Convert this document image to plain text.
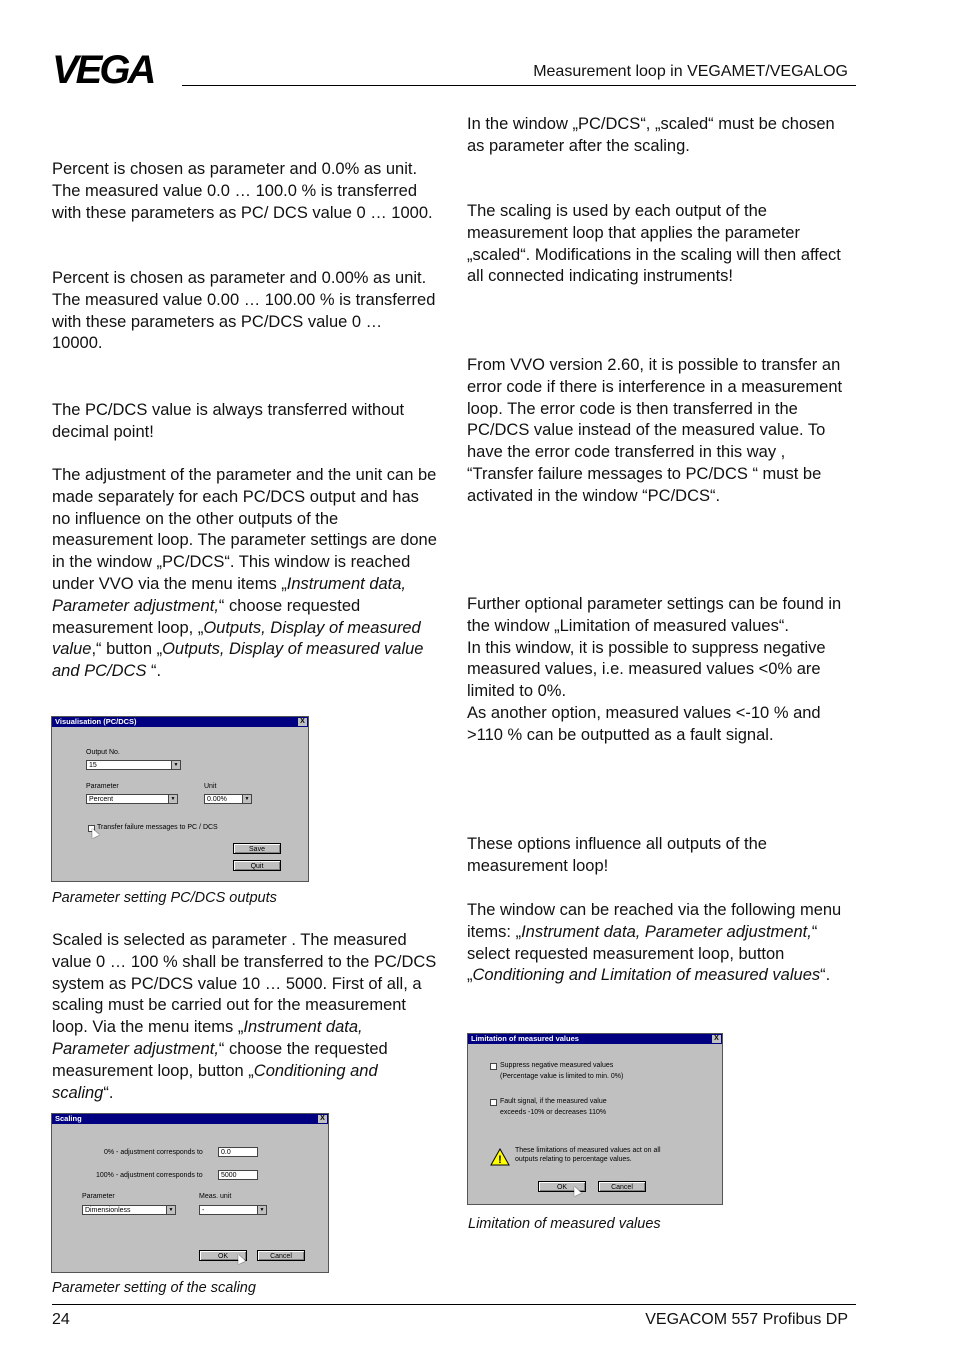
VEGA	Measurement loop in VEGAMET/VEGALOG

Percent is chosen as parameter and 0.0% as unit. The measured value 0.0 … 100.0 % is transferred with these parameters as PC/ DCS value 0 … 1000.

Percent is chosen as parameter and 0.00% as unit. The measured value 0.00 … 100.00 % is transferred with these parameters as PC/DCS value 0 … 10000.

The PC/DCS value is always transferred without decimal point!

The adjustment of the parameter and the unit can be made separately for each PC/DCS output and has no influence on the other outputs of the measurement loop. The parameter settings are done in the window „PC/DCS“. This window is reached under VVO via the menu items „Instrument data, Parameter adjustment,“ choose requested measurement loop, „Outputs, Display of measured value,“ button „Outputs, Display of measured value and PC/DCS “.

Visualisation (PC/DCS)	X
Output No.
15	▼
Parameter
Percent	▼
Unit
0.00%	▼
Transfer failure messages to PC / DCS
Save
Quit
Parameter setting PC/DCS outputs

Scaled is selected as parameter . The measured value 0 … 100 % shall be transferred to the PC/DCS system as PC/DCS value 10 … 5000. First of all, a scaling must be carried out for the measurement loop. Via the menu items „Instrument data, Parameter adjustment,“ choose the requested measurement loop, button „Conditioning and scaling“.

Scaling	X
0% - adjustment corresponds to	0.0
100% - adjustment corresponds to	5000
Parameter
Dimensionless	▼
Meas. unit
-	▼
OK	Cancel
Parameter setting of the scaling

In the window „PC/DCS“, „scaled“ must be chosen as parameter after the scaling.

The scaling is used by each output of the measurement loop that applies the parameter „scaled“. Modifications in the scaling will then affect all connected indicating instruments!

From VVO version 2.60, it is possible to transfer an error code if there is interference in a measurement loop. The error code is then transferred in the PC/DCS value instead of the measured value. To have the error code transferred in this way , “Transfer failure messages to PC/DCS “ must be activated in the window “PC/DCS“.

Further optional parameter settings can be found in the window „Limitation of measured values“.

In this window, it is possible to suppress negative measured values, i.e. measured values <0% are limited to 0%.

As another option, measured values <-10 % and >110 % can be outputted as a fault signal.

These options influence all outputs of the measurement loop!

The window can be reached via the following menu items: „Instrument data, Parameter adjustment,“ select requested measurement loop, button „Conditioning and Limitation of measured values“.

Limitation of measured values	X
Suppress negative measured values
(Percentage value is limited to min. 0%)
Fault signal, if the measured value
exceeds -10% or decreases 110%
!
These limitations of measured values act on all
outputs relating to percentage values.
OK	Cancel
Limitation of measured values
24	VEGACOM 557 Profibus DP
